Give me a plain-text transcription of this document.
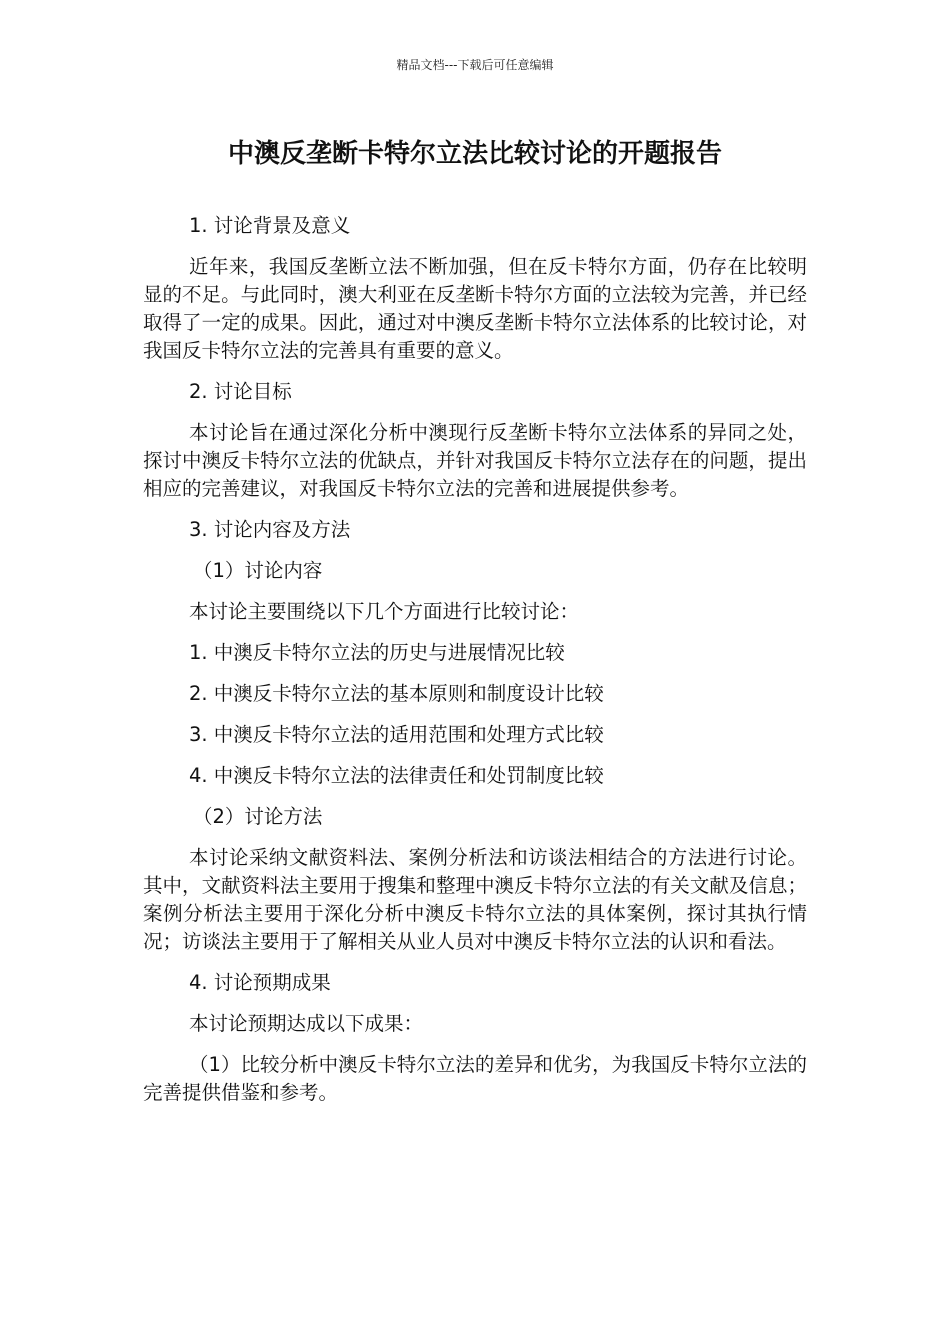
精品文档---下载后可任意编辑
中澳反垄断卡特尔立法比较讨论的开题报告

1. 讨论背景及意义

近年来，我国反垄断立法不断加强，但在反卡特尔方面，仍存在比较明显的不足。与此同时，澳大利亚在反垄断卡特尔方面的立法较为完善，并已经取得了一定的成果。因此，通过对中澳反垄断卡特尔立法体系的比较讨论，对我国反卡特尔立法的完善具有重要的意义。

2. 讨论目标

本讨论旨在通过深化分析中澳现行反垄断卡特尔立法体系的异同之处，探讨中澳反卡特尔立法的优缺点，并针对我国反卡特尔立法存在的问题，提出相应的完善建议，对我国反卡特尔立法的完善和进展提供参考。

3. 讨论内容及方法

（1）讨论内容

本讨论主要围绕以下几个方面进行比较讨论：

1. 中澳反卡特尔立法的历史与进展情况比较

2. 中澳反卡特尔立法的基本原则和制度设计比较

3. 中澳反卡特尔立法的适用范围和处理方式比较

4. 中澳反卡特尔立法的法律责任和处罚制度比较

（2）讨论方法

本讨论采纳文献资料法、案例分析法和访谈法相结合的方法进行讨论。其中，文献资料法主要用于搜集和整理中澳反卡特尔立法的有关文献及信息；案例分析法主要用于深化分析中澳反卡特尔立法的具体案例，探讨其执行情况；访谈法主要用于了解相关从业人员对中澳反卡特尔立法的认识和看法。

4. 讨论预期成果

本讨论预期达成以下成果：

（1）比较分析中澳反卡特尔立法的差异和优劣，为我国反卡特尔立法的完善提供借鉴和参考。
